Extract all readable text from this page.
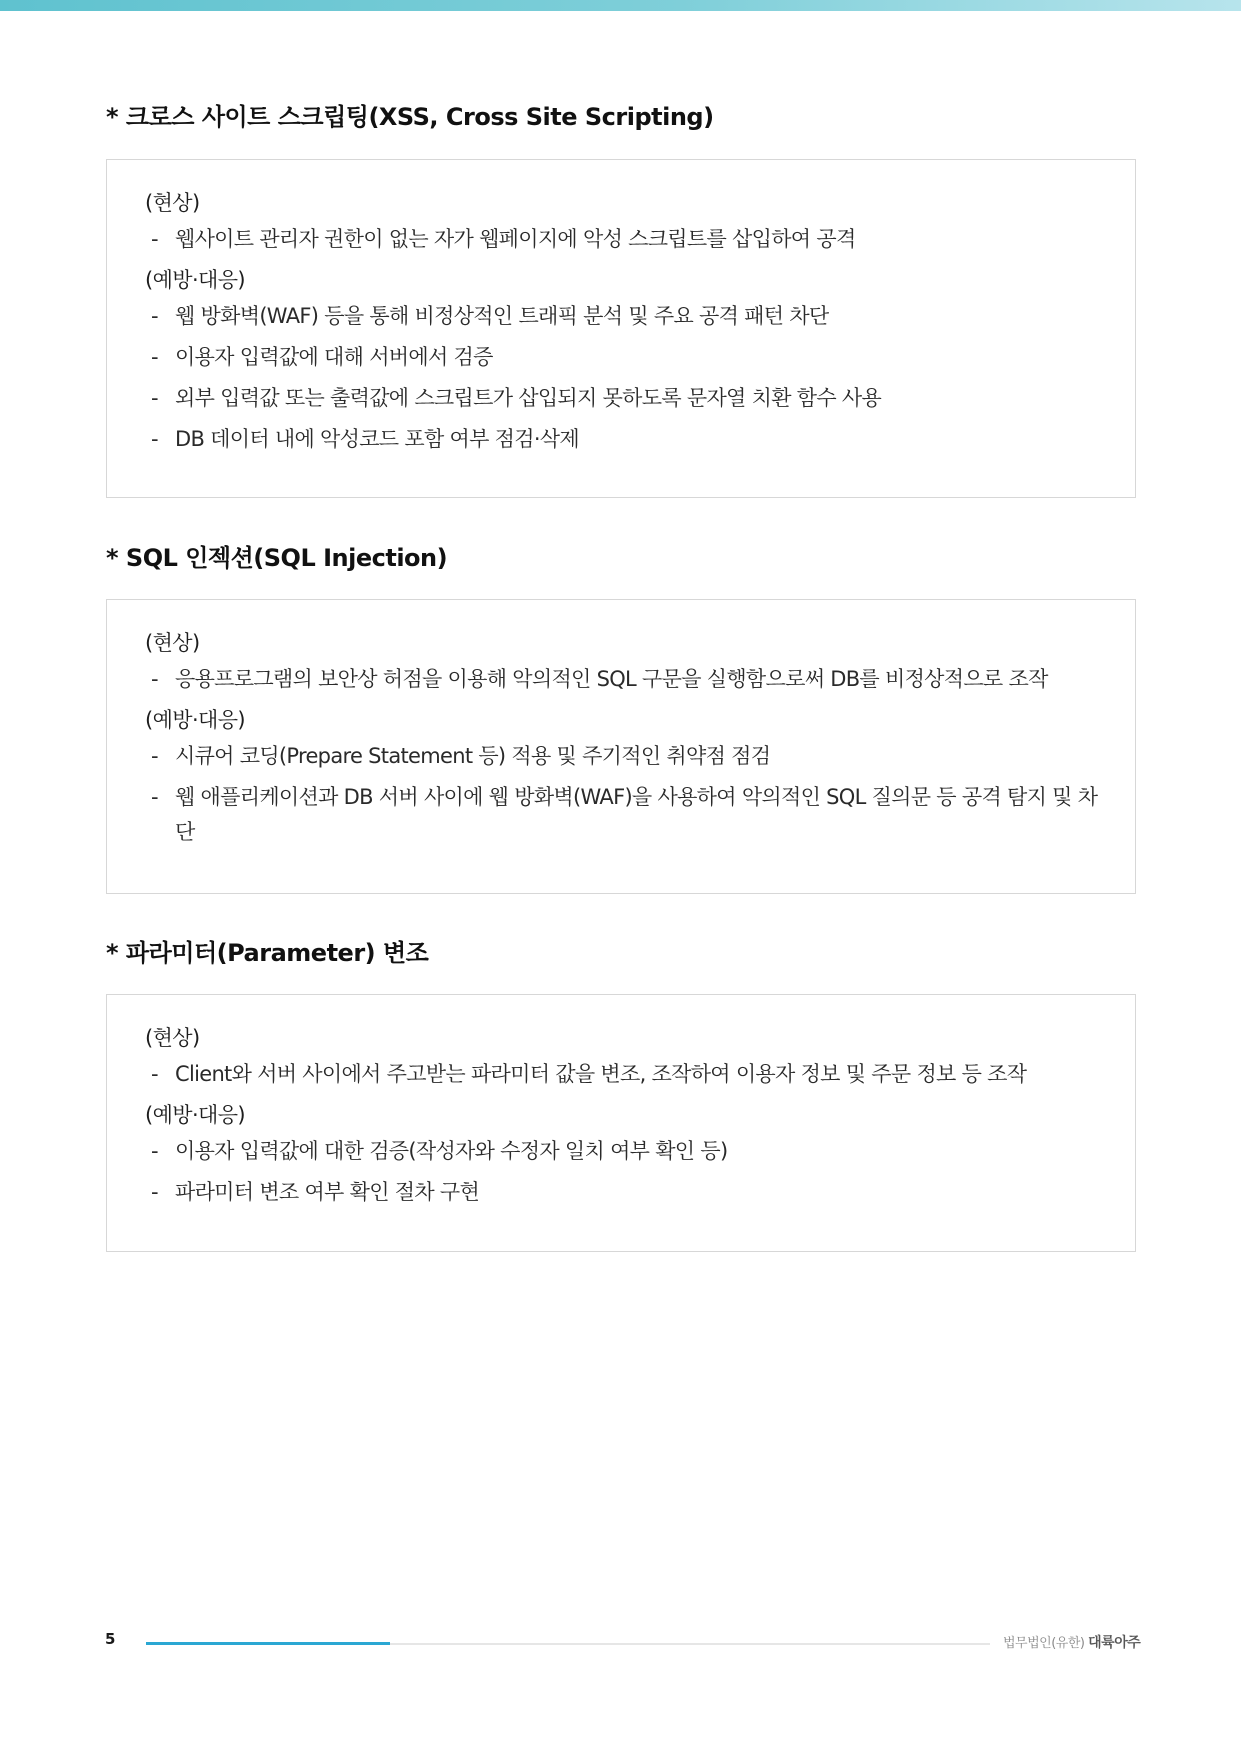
* 크로스 사이트 스크립팅(XSS, Cross Site Scripting)
(현상)
- 웹사이트 관리자 권한이 없는 자가 웹페이지에 악성 스크립트를 삽입하여 공격
(예방·대응)
- 웹 방화벽(WAF) 등을 통해 비정상적인 트래픽 분석 및 주요 공격 패턴 차단
- 이용자 입력값에 대해 서버에서 검증
- 외부 입력값 또는 출력값에 스크립트가 삽입되지 못하도록 문자열 치환 함수 사용
- DB 데이터 내에 악성코드 포함 여부 점검·삭제
* SQL 인젝션(SQL Injection)
(현상)
- 응용프로그램의 보안상 허점을 이용해 악의적인 SQL 구문을 실행함으로써 DB를 비정상적으로 조작
(예방·대응)
- 시큐어 코딩(Prepare Statement 등) 적용 및 주기적인 취약점 점검
- 웹 애플리케이션과 DB 서버 사이에 웹 방화벽(WAF)을 사용하여 악의적인 SQL 질의문 등 공격 탐지 및 차단
* 파라미터(Parameter) 변조
(현상)
- Client와 서버 사이에서 주고받는 파라미터 값을 변조, 조작하여 이용자 정보 및 주문 정보 등 조작
(예방·대응)
- 이용자 입력값에 대한 검증(작성자와 수정자 일치 여부 확인 등)
- 파라미터 변조 여부 확인 절차 구현
5	법무법인(유한) 대륙아주
